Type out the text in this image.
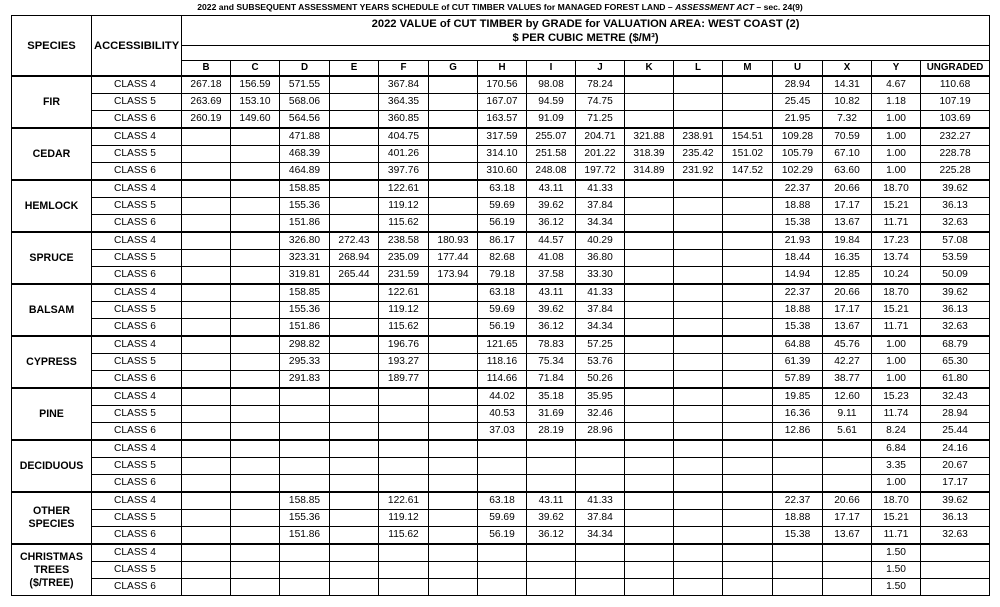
2022 and SUBSEQUENT ASSESSMENT YEARS SCHEDULE of CUT TIMBER VALUES for MANAGED FOREST LAND – ASSESSMENT ACT – sec. 24(9)
SPECIES	ACCESSIBILITY	2022 VALUE of CUT TIMBER by GRADE for VALUATION AREA: WEST COAST (2)
$ PER CUBIC METRE ($/M³)															

		B	C	D	E	F	G	H	I	J	K	L	M	U	X	Y	UNGRADED
FIR	CLASS 4	267.18	156.59	571.55		367.84		170.56	98.08	78.24				28.94	14.31	4.67	110.68
	CLASS 5	263.69	153.10	568.06		364.35		167.07	94.59	74.75				25.45	10.82	1.18	107.19
	CLASS 6	260.19	149.60	564.56		360.85		163.57	91.09	71.25				21.95	7.32	1.00	103.69
CEDAR	CLASS 4			471.88		404.75		317.59	255.07	204.71	321.88	238.91	154.51	109.28	70.59	1.00	232.27
	CLASS 5			468.39		401.26		314.10	251.58	201.22	318.39	235.42	151.02	105.79	67.10	1.00	228.78
	CLASS 6			464.89		397.76		310.60	248.08	197.72	314.89	231.92	147.52	102.29	63.60	1.00	225.28
HEMLOCK	CLASS 4			158.85		122.61		63.18	43.11	41.33				22.37	20.66	18.70	39.62
	CLASS 5			155.36		119.12		59.69	39.62	37.84				18.88	17.17	15.21	36.13
	CLASS 6			151.86		115.62		56.19	36.12	34.34				15.38	13.67	11.71	32.63
SPRUCE	CLASS 4			326.80	272.43	238.58	180.93	86.17	44.57	40.29				21.93	19.84	17.23	57.08
	CLASS 5			323.31	268.94	235.09	177.44	82.68	41.08	36.80				18.44	16.35	13.74	53.59
	CLASS 6			319.81	265.44	231.59	173.94	79.18	37.58	33.30				14.94	12.85	10.24	50.09
BALSAM	CLASS 4			158.85		122.61		63.18	43.11	41.33				22.37	20.66	18.70	39.62
	CLASS 5			155.36		119.12		59.69	39.62	37.84				18.88	17.17	15.21	36.13
	CLASS 6			151.86		115.62		56.19	36.12	34.34				15.38	13.67	11.71	32.63
CYPRESS	CLASS 4			298.82		196.76		121.65	78.83	57.25				64.88	45.76	1.00	68.79
	CLASS 5			295.33		193.27		118.16	75.34	53.76				61.39	42.27	1.00	65.30
	CLASS 6			291.83		189.77		114.66	71.84	50.26				57.89	38.77	1.00	61.80
PINE	CLASS 4							44.02	35.18	35.95				19.85	12.60	15.23	32.43
	CLASS 5							40.53	31.69	32.46				16.36	9.11	11.74	28.94
	CLASS 6							37.03	28.19	28.96				12.86	5.61	8.24	25.44
DECIDUOUS	CLASS 4															6.84	24.16
	CLASS 5															3.35	20.67
	CLASS 6															1.00	17.17
OTHER SPECIES	CLASS 4			158.85		122.61		63.18	43.11	41.33				22.37	20.66	18.70	39.62
	CLASS 5			155.36		119.12		59.69	39.62	37.84				18.88	17.17	15.21	36.13
	CLASS 6			151.86		115.62		56.19	36.12	34.34				15.38	13.67	11.71	32.63
CHRISTMAS TREES ($/TREE)	CLASS 4															1.50	
	CLASS 5															1.50	
	CLASS 6															1.50	
